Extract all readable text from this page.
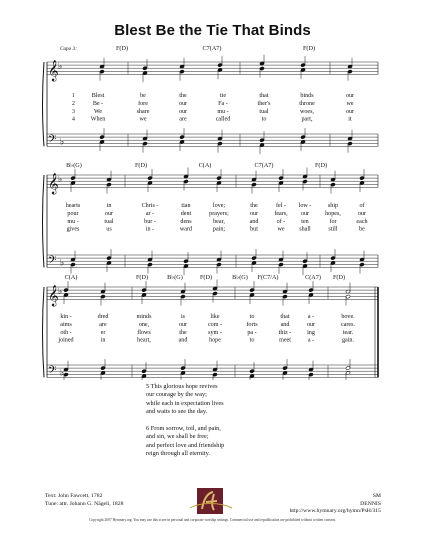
Blest Be the Tie That Binds
𝄞 ♭
𝄢 ♭
Capo 3:	F(D)	C7(A7)	F(D)
1	Blest	be	the	tie	that	binds	our
2	Be -	fore	our	Fa -	ther's	throne	we
3	We	share	our	mu -	tual	woes,	our
4	When	we	are	called	to	part,	it
𝄞 ♭
𝄢 ♭
B♭(G)	F(D)	C(A)	C7(A7)	F(D)
hearts	in	Chris -	tian	love;	the	fel - low -	ship	of
pour	our	ar -	dent	prayers;	our	fears, our	hopes,	our
mu -	tual	bur -	dens	bear,	and	of -	ten	for	each
gives	us	in -	ward	pain;	but	we shall	still	be
𝄞 ♭
𝄢 ♭
C(A)	F(D)	B♭(G)	F(D)	B♭(G) F(C7/A)	C(A7) F(D)
kin -	dred	minds	is	like	to	that	a -	bove.
aims	are	one,	our	com -	forts	and	our	cares.
oth -	er	flows	the	sym -	pa -	thiz -	ing	tear.
joined	in	heart,	and	hope	to	meet	a -	gain.
5 This glorious hope revives
our courage by the way;
while each in expectation lives
and waits to see the day.
6 From sorrow, toil, and pain,
and sin, we shall be free;
and perfect love and friendship
reign through all eternity.
Text: John Fawcett, 1782
Tune: attr. Johann G. Nägeli, 1828
SM
DENNIS
http://www.hymnary.org/hymn/PsH/315
Copyright 2007 Hymnary.org. You may use this score in personal and corporate worship settings. Commercial use and republication are prohibited without written consent.
